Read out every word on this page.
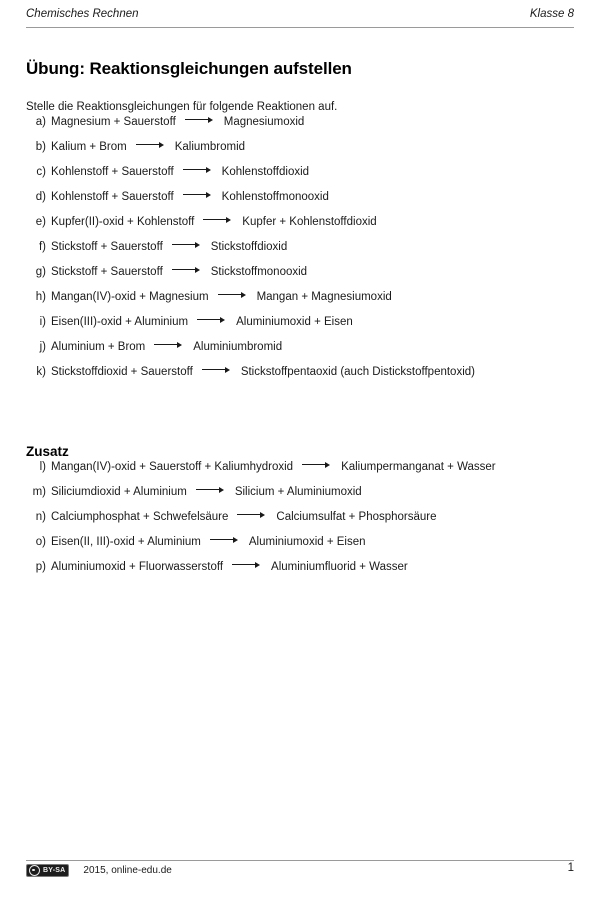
Chemisches Rechnen	Klasse 8
Übung: Reaktionsgleichungen aufstellen

Stelle die Reaktionsgleichungen für folgende Reaktionen auf.

a) Magnesium + Sauerstoff	Magnesiumoxid
b) Kalium + Brom	Kaliumbromid
c) Kohlenstoff + Sauerstoff	Kohlenstoffdioxid
d) Kohlenstoff + Sauerstoff	Kohlenstoffmonooxid
e) Kupfer(II)-oxid + Kohlenstoff	Kupfer + Kohlenstoffdioxid
f) Stickstoff + Sauerstoff	Stickstoffdioxid
g) Stickstoff + Sauerstoff	Stickstoffmonooxid
h) Mangan(IV)-oxid + Magnesium	Mangan + Magnesiumoxid
i) Eisen(III)-oxid + Aluminium	Aluminiumoxid + Eisen
j) Aluminium + Brom	Aluminiumbromid
k) Stickstoffdioxid + Sauerstoff	Stickstoffpentaoxid (auch Distickstoffpentoxid)
Zusatz
l) Mangan(IV)-oxid + Sauerstoff + Kaliumhydroxid	Kaliumpermanganat + Wasser
m) Siliciumdioxid + Aluminium	Silicium + Aluminiumoxid
n) Calciumphosphat + Schwefelsäure	Calciumsulfat + Phosphorsäure
o) Eisen(II, III)-oxid + Aluminium	Aluminiumoxid + Eisen
p) Aluminiumoxid + Fluorwasserstoff	Aluminiumfluorid + Wasser
BY-SA 2015, online-edu.de	1
